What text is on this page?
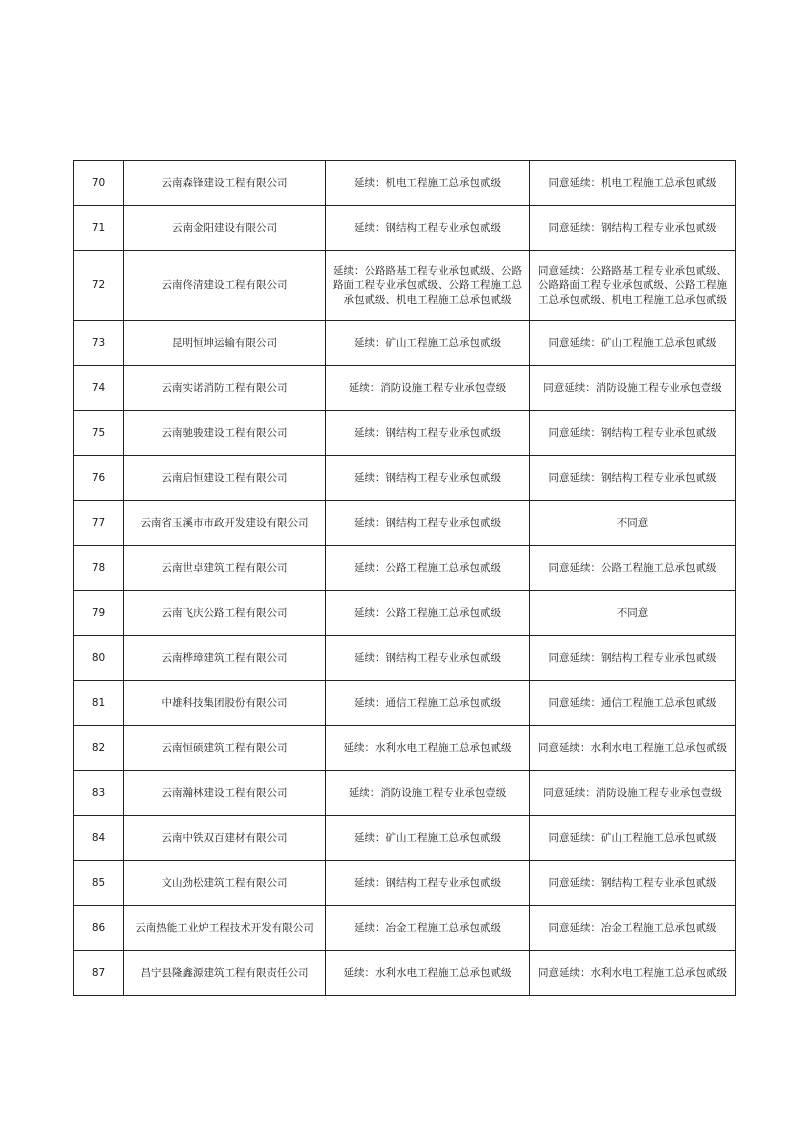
70	云南森锋建设工程有限公司	延续：机电工程施工总承包贰级	同意延续：机电工程施工总承包贰级
71	云南金阳建设有限公司	延续：钢结构工程专业承包贰级	同意延续：钢结构工程专业承包贰级
72	云南佟清建设工程有限公司	延续：公路路基工程专业承包贰级、公路路面工程专业承包贰级、公路工程施工总承包贰级、机电工程施工总承包贰级	同意延续：公路路基工程专业承包贰级、公路路面工程专业承包贰级、公路工程施工总承包贰级、机电工程施工总承包贰级
73	昆明恒坤运输有限公司	延续：矿山工程施工总承包贰级	同意延续：矿山工程施工总承包贰级
74	云南实诺消防工程有限公司	延续：消防设施工程专业承包壹级	同意延续：消防设施工程专业承包壹级
75	云南驰骏建设工程有限公司	延续：钢结构工程专业承包贰级	同意延续：钢结构工程专业承包贰级
76	云南启恒建设工程有限公司	延续：钢结构工程专业承包贰级	同意延续：钢结构工程专业承包贰级
77	云南省玉溪市市政开发建设有限公司	延续：钢结构工程专业承包贰级	不同意
78	云南世卓建筑工程有限公司	延续：公路工程施工总承包贰级	同意延续：公路工程施工总承包贰级
79	云南飞庆公路工程有限公司	延续：公路工程施工总承包贰级	不同意
80	云南桦璋建筑工程有限公司	延续：钢结构工程专业承包贰级	同意延续：钢结构工程专业承包贰级
81	中雄科技集团股份有限公司	延续：通信工程施工总承包贰级	同意延续：通信工程施工总承包贰级
82	云南恒硕建筑工程有限公司	延续：水利水电工程施工总承包贰级	同意延续：水利水电工程施工总承包贰级
83	云南瀚林建设工程有限公司	延续：消防设施工程专业承包壹级	同意延续：消防设施工程专业承包壹级
84	云南中铁双百建材有限公司	延续：矿山工程施工总承包贰级	同意延续：矿山工程施工总承包贰级
85	文山劲松建筑工程有限公司	延续：钢结构工程专业承包贰级	同意延续：钢结构工程专业承包贰级
86	云南热能工业炉工程技术开发有限公司	延续：冶金工程施工总承包贰级	同意延续：冶金工程施工总承包贰级
87	昌宁县隆鑫源建筑工程有限责任公司	延续：水利水电工程施工总承包贰级	同意延续：水利水电工程施工总承包贰级
